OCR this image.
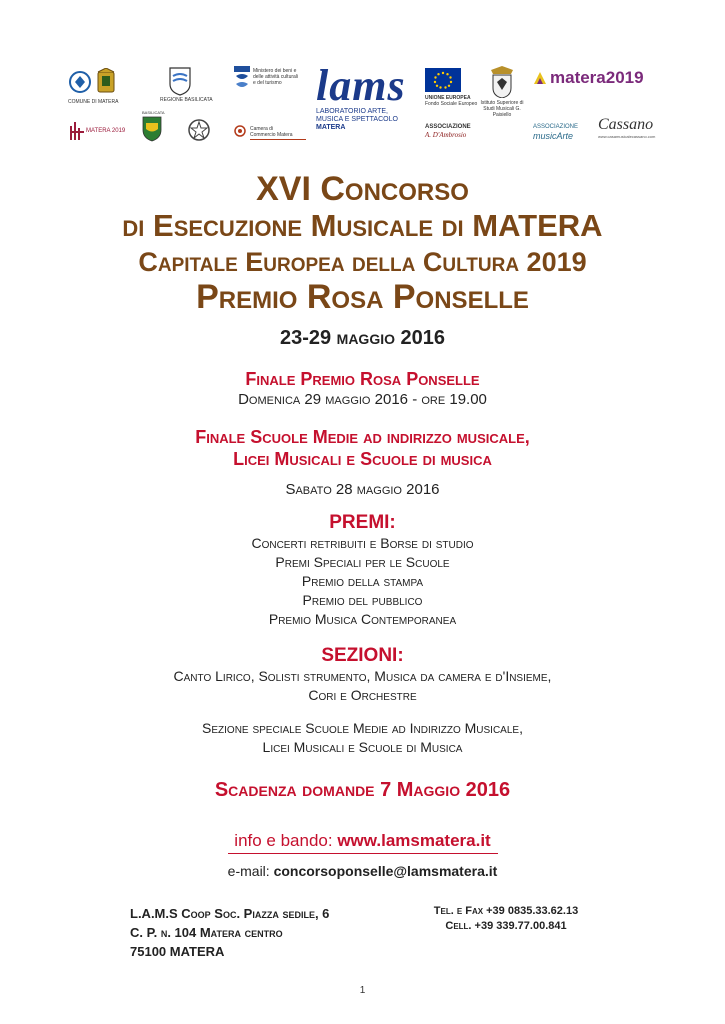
COMUNE DI MATERA	REGIONE BASILICATA
Ministero dei beni e delle attività culturali e del turismo lams
LABORATORIO ARTE,
MUSICA E SPETTACOLO
MATERA
UNIONE EUROPEA
Fondo Sociale Europeo Istituto Superiore di Studi Musicali G. Paisiello
matera2019
MATERA 2019
BASILICATA
Camera di Commercio Matera
ASSOCIAZIONE
A. D'Ambrosio
ASSOCIAZIONE
musicArte
Cassano
www.casamusicalecassano.com
XVI Concorso
di Esecuzione Musicale di MATERA
Capitale Europea della Cultura 2019
Premio Rosa Ponselle
23-29 maggio 2016
Finale Premio Rosa Ponselle
Domenica 29 maggio 2016 - ore 19.00
Finale Scuole Medie ad indirizzo musicale,
Licei Musicali e Scuole di musica
Sabato 28 maggio 2016
PREMI:
Concerti retribuiti e Borse di studio
Premi Speciali per le Scuole
Premio della stampa
Premio del pubblico
Premio Musica Contemporanea
SEZIONI:
Canto Lirico, Solisti strumento, Musica da camera e d'Insieme,
Cori e Orchestre
Sezione speciale Scuole Medie ad Indirizzo Musicale,
Licei Musicali e Scuole di Musica
Scadenza domande 7 Maggio 2016
info e bando: www.lamsmatera.it
e-mail: concorsoponselle@lamsmatera.it
L.A.M.S Coop Soc. Piazza sedile, 6
C. P. n. 104 Matera centro
75100 MATERA
Tel. e Fax +39 0835.33.62.13
Cell. +39 339.77.00.841
1
